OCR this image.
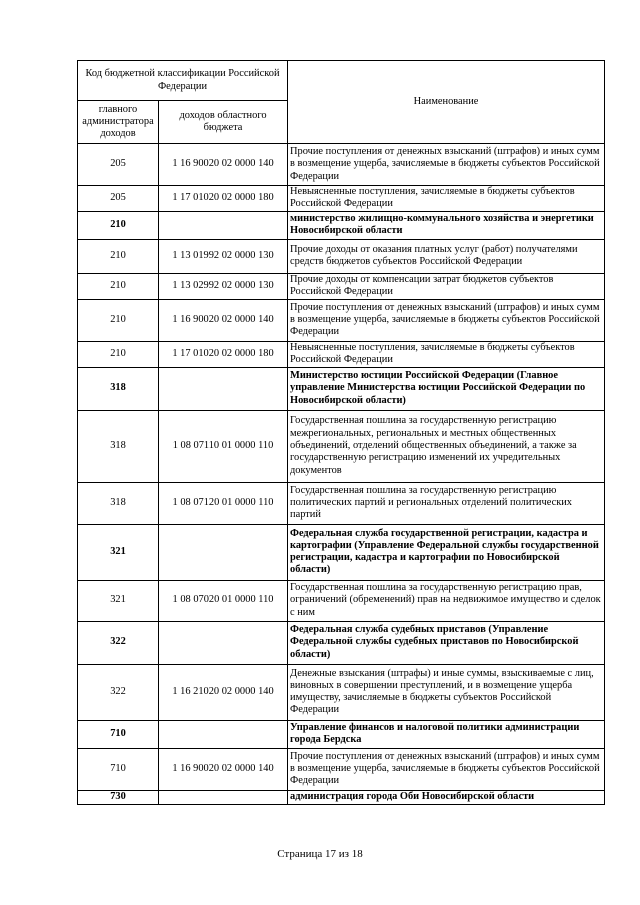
Код бюджетной классификации Российской Федерации		Наименование
главного администратора доходов	доходов областного бюджета	
205	1 16 90020 02 0000 140	Прочие поступления от денежных взысканий (штрафов) и иных сумм в возмещение ущерба, зачисляемые в бюджеты субъектов Российской Федерации
205	1 17 01020 02 0000 180	Невыясненные поступления, зачисляемые в бюджеты субъектов Российской Федерации
210		министерство жилищно-коммунального хозяйства и энергетики Новосибирской области
210	1 13 01992 02 0000 130	Прочие доходы от оказания платных услуг (работ) получателями средств бюджетов субъектов Российской Федерации
210	1 13 02992 02 0000 130	Прочие доходы от компенсации затрат бюджетов субъектов Российской Федерации
210	1 16 90020 02 0000 140	Прочие поступления от денежных взысканий (штрафов) и иных сумм в возмещение ущерба, зачисляемые в бюджеты субъектов Российской Федерации
210	1 17 01020 02 0000 180	Невыясненные поступления, зачисляемые в бюджеты субъектов Российской Федерации
318		Министерство юстиции Российской Федерации (Главное управление Министерства юстиции Российской Федерации по Новосибирской области)
318	1 08 07110 01 0000 110	Государственная пошлина за государственную регистрацию межрегиональных, региональных и местных общественных объединений, отделений общественных объединений, а также за государственную регистрацию изменений их учредительных документов
318	1 08 07120 01 0000 110	Государственная пошлина за государственную регистрацию политических партий и региональных отделений политических партий
321		Федеральная служба государственной регистрации, кадастра и картографии (Управление Федеральной службы государственной регистрации, кадастра и картографии по Новосибирской области)
321	1 08 07020 01 0000 110	Государственная пошлина за государственную регистрацию прав, ограничений (обременений) прав на недвижимое имущество и сделок с ним
322		Федеральная служба судебных приставов (Управление Федеральной службы судебных приставов по Новосибирской области)
322	1 16 21020 02 0000 140	Денежные взыскания (штрафы) и иные суммы, взыскиваемые с лиц, виновных в совершении преступлений, и в возмещение ущерба имуществу, зачисляемые в бюджеты субъектов Российской Федерации
710		Управление финансов и налоговой политики администрации города Бердска
710	1 16 90020 02 0000 140	Прочие поступления от денежных взысканий (штрафов) и иных сумм в возмещение ущерба, зачисляемые в бюджеты субъектов Российской Федерации
730		администрация города Оби Новосибирской области
Страница 17 из 18
